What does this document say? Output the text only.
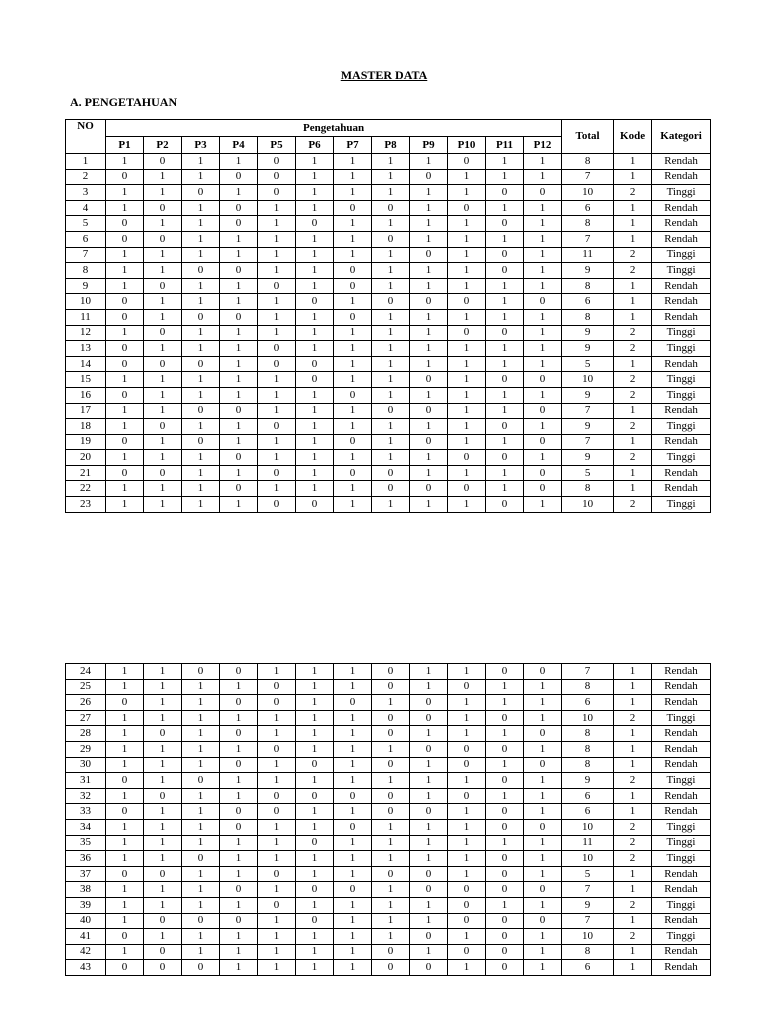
MASTER DATA
A. PENGETAHUAN
NO	Pengetahuan												Total	Kode	Kategori
	P1	P2	P3	P4	P5	P6	P7	P8	P9	P10	P11	P12			
1	1	0	1	1	0	1	1	1	1	0	1	1	8	1	Rendah
2	0	1	1	0	0	1	1	1	0	1	1	1	7	1	Rendah
3	1	1	0	1	0	1	1	1	1	1	0	0	10	2	Tinggi
4	1	0	1	0	1	1	0	0	1	0	1	1	6	1	Rendah
5	0	1	1	0	1	0	1	1	1	1	0	1	8	1	Rendah
6	0	0	1	1	1	1	1	0	1	1	1	1	7	1	Rendah
7	1	1	1	1	1	1	1	1	0	1	0	1	11	2	Tinggi
8	1	1	0	0	1	1	0	1	1	1	0	1	9	2	Tinggi
9	1	0	1	1	0	1	0	1	1	1	1	1	8	1	Rendah
10	0	1	1	1	1	0	1	0	0	0	1	0	6	1	Rendah
11	0	1	0	0	1	1	0	1	1	1	1	1	8	1	Rendah
12	1	0	1	1	1	1	1	1	1	0	0	1	9	2	Tinggi
13	0	1	1	1	0	1	1	1	1	1	1	1	9	2	Tinggi
14	0	0	0	1	0	0	1	1	1	1	1	1	5	1	Rendah
15	1	1	1	1	1	0	1	1	0	1	0	0	10	2	Tinggi
16	0	1	1	1	1	1	0	1	1	1	1	1	9	2	Tinggi
17	1	1	0	0	1	1	1	0	0	1	1	0	7	1	Rendah
18	1	0	1	1	0	1	1	1	1	1	0	1	9	2	Tinggi
19	0	1	0	1	1	1	0	1	0	1	1	0	7	1	Rendah
20	1	1	1	0	1	1	1	1	1	0	0	1	9	2	Tinggi
21	0	0	1	1	0	1	0	0	1	1	1	0	5	1	Rendah
22	1	1	1	0	1	1	1	0	0	0	1	0	8	1	Rendah
23	1	1	1	1	0	0	1	1	1	1	0	1	10	2	Tinggi
24	1	1	0	0	1	1	1	0	1	1	0	0	7	1	Rendah
25	1	1	1	1	0	1	1	0	1	0	1	1	8	1	Rendah
26	0	1	1	0	0	1	0	1	0	1	1	1	6	1	Rendah
27	1	1	1	1	1	1	1	0	0	1	0	1	10	2	Tinggi
28	1	0	1	0	1	1	1	0	1	1	1	0	8	1	Rendah
29	1	1	1	1	0	1	1	1	0	0	0	1	8	1	Rendah
30	1	1	1	0	1	0	1	0	1	0	1	0	8	1	Rendah
31	0	1	0	1	1	1	1	1	1	1	0	1	9	2	Tinggi
32	1	0	1	1	0	0	0	0	1	0	1	1	6	1	Rendah
33	0	1	1	0	0	1	1	0	0	1	0	1	6	1	Rendah
34	1	1	1	0	1	1	0	1	1	1	0	0	10	2	Tinggi
35	1	1	1	1	1	0	1	1	1	1	1	1	11	2	Tinggi
36	1	1	0	1	1	1	1	1	1	1	0	1	10	2	Tinggi
37	0	0	1	1	0	1	1	0	0	1	0	1	5	1	Rendah
38	1	1	1	0	1	0	0	1	0	0	0	0	7	1	Rendah
39	1	1	1	1	0	1	1	1	1	0	1	1	9	2	Tinggi
40	1	0	0	0	1	0	1	1	1	0	0	0	7	1	Rendah
41	0	1	1	1	1	1	1	1	0	1	0	1	10	2	Tinggi
42	1	0	1	1	1	1	1	0	1	0	0	1	8	1	Rendah
43	0	0	0	1	1	1	1	0	0	1	0	1	6	1	Rendah
